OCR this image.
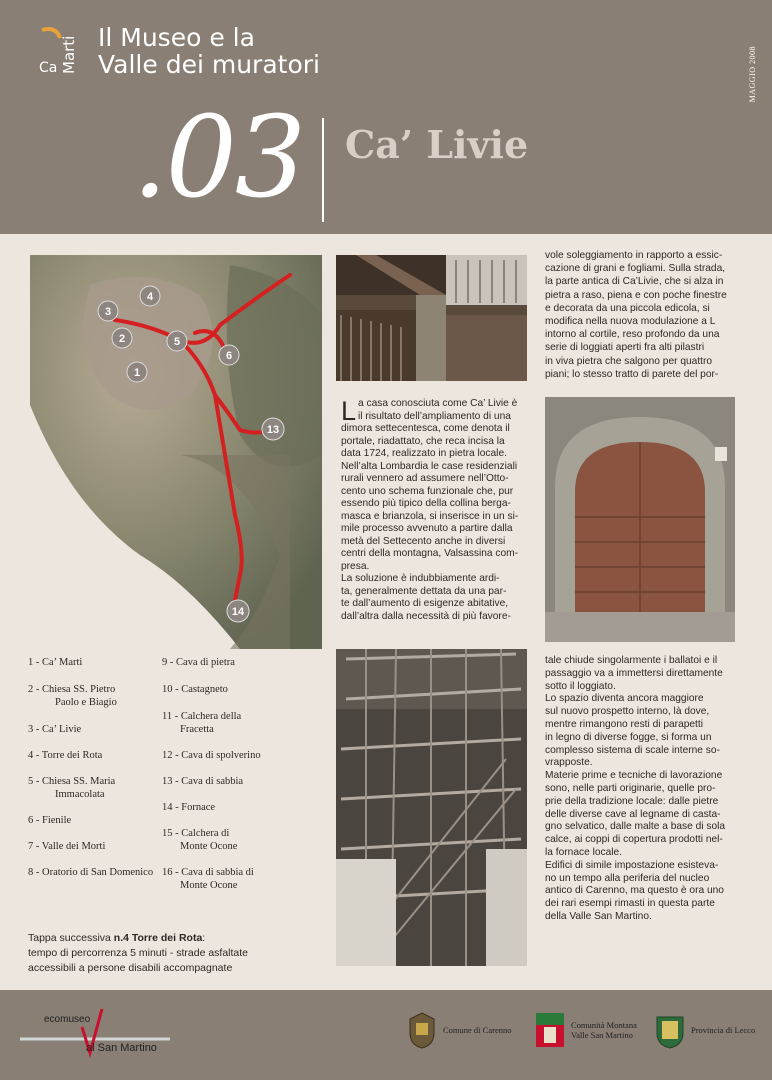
Ca Marti Il Museo e la
Valle dei muratori
.03 Ca’ Livie
MAGGIO 2008
4
3
2	5
6
1
13
14
1 - Ca’ Marti
2 - Chiesa SS. Pietro
Paolo e Biagio
3 - Ca’ Livie
4 - Torre dei Rota
5 - Chiesa SS. Maria
Immacolata
6 - Fienile
7 - Valle dei Morti
8 - Oratorio di San Domenico
9 - Cava di pietra
10 - Castagneto
11 - Calchera della
Fracetta
12 - Cava di spolverino
13 - Cava di sabbia
14 - Fornace
15 - Calchera di
Monte Ocone
16 - Cava di sabbia di
Monte Ocone
Tappa successiva n.4 Torre dei Rota:
tempo di percorrenza 5 minuti - strade asfaltate
accessibili a persone disabili accompagnate
L a casa conosciuta come Ca’ Livie è

il risultato dell’ampliamento di una

dimora settecentesca, come denota il

portale, riadattato, che reca incisa la

data 1724, realizzato in pietra locale.

Nell’alta Lombardia le case residenziali

rurali vennero ad assumere nell’Otto-

cento uno schema funzionale che, pur

essendo più tipico della collina berga-

masca e brianzola, si inserisce in un si-

mile processo avvenuto a partire dalla

metà del Settecento anche in diversi

centri della montagna, Valsassina com-

presa.

La soluzione è indubbiamente ardi-

ta, generalmente dettata da una par-

te dall’aumento di esigenze abitative,

dall’altra dalla necessità di più favore-

vole soleggiamento in rapporto a essic-

cazione di grani e fogliami. Sulla strada,

la parte antica di Ca’Livie, che si alza in

pietra a raso, piena e con poche finestre

e decorata da una piccola edicola, si

modifica nella nuova modulazione a L

intorno al cortile, reso profondo da una

serie di loggiati aperti fra alti pilastri

in viva pietra che salgono per quattro

piani; lo stesso tratto di parete del por-

tale chiude singolarmente i ballatoi e il

passaggio va a immettersi direttamente

sotto il loggiato.

Lo spazio diventa ancora maggiore

sul nuovo prospetto interno, là dove,

mentre rimangono resti di parapetti

in legno di diverse fogge, si forma un

complesso sistema di scale interne so-

vrapposte.

Materie prime e tecniche di lavorazione

sono, nelle parti originarie, quelle pro-

prie della tradizione locale: dalle pietre

delle diverse cave al legname di casta-

gno selvatico, dalle malte a base di sola

calce, ai coppi di copertura prodotti nel-

la fornace locale.

Edifici di simile impostazione esisteva-

no un tempo alla periferia del nucleo

antico di Carenno, ma questo è ora uno

dei rari esempi rimasti in questa parte

della Valle San Martino.

ecomuseo
al San Martino
Comune di Carenno	Comunità Montana
Valle San Martino	Provincia di Lecco
